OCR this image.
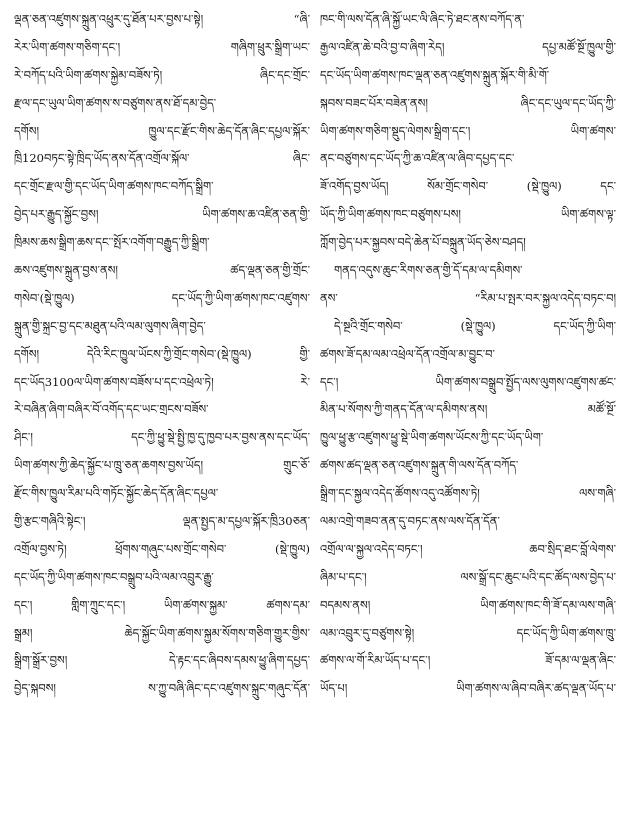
ལྡན་ཅན་འཛུགས་སྐྲུན་འཕྲུར་དུ་ཐོན་པར་བྱས་པ་སྟེ། “ཞི་
རེར་ཡིག་ཚགས་གཅིག་དང་། གཞིག་ཕྲུར་སྒྲིག་ཡང་
རེ་བཀོད་པའི་ཡིག་ཚགས་སྐྱེམ་བཟོས་ཏེ། ཞིང་དང་གྲོང་
རྫལ་དང་ཡུལ་ཡིག་ཚགས་ས་བཙུགས་ནས་ཐོ་དམ་བྱེད་
དགོས། ཁྱུལ་དང་རྫོང་གིས་ཆེད་དོན་ཞིང་དཔྱལ་སྐོར་
ཁྲི120བཏང་སྟེ་ཁྲིད་ཡོད་ནས་དོན་འགྲོལ་སྐོལ་ ཞིང་
དང་གྲོང་རྫལ་གྱི་དང་ཡོད་ཡིག་ཚགས་ཁང་བཀོད་སྒྲིག་
བྱེད་པར་རྒྱུད་སྐྱོང་བྱས། ཡིག་ཚགས་ཆ་འཛིན་ཅན་གྱི་
ཁྲིམས་ཆས་སྒྲིག་ཆས་དང་་སྤོར་འགོག་བརྒྱུད་ཀྱི་སྒྲིག་
ཆས་འཛུགས་སྐྲུན་བྱས་ནས། ཚད་ལྡན་ཅན་གྱི་གྲོང་
གསེབ་(སྡེ་ཁྱུལ) དང་ཡོད་ཀྱི་ཡིག་ཚགས་ཁང་འཛུགས་
སྐྲུན་གྱི་སྐྲང་བྱ་དང་མཐུན་པའི་ལམ་ལུགས་ཞིག་བྱེད་
དགོས། དེའི་རིང་ཁྱུལ་ཡོངས་ཀྱི་གྲོང་གསེབ་(སྡེ་ཁྱུལ) གྱི་
དང་ཡོད3100ལ་ཡིག་ཚགས་བཟོས་པ་དང་འཕྲེལ་ཏེ། རེ་
རེ་བཞིན་ཞིག་བཞིར་བོ་འགོད་དང་ཡང་གྲངས་བཟོས་
ཤིང་། དང་ཀྱི་ཕྱུ་སྡེ་སྤྱི་ཁྱ་དུ་ཁྱབ་པར་བྱས་ནས་དང་ཡོད་
ཡིག་ཚགས་ཀྱི་ཆེད་སྐྱོང་པ་ཁྲུ་ཅན་ཆགས་བྱས་ཡོད། གྲུང་ཅོ་
རྫོང་གིས་ཁྱུལ་རིམ་པའི་གཏོང་སྐྱོང་ཆེད་དོན་ཞིང་དཔྱལ་
གྱི་རྩང་གཞིའི་སྟེང་། ལྡན་སྤྱད་མ་དཔྱལ་སྐོར་ཁྲི30ཅན་
འགྲོལ་བྱས་ཏེ། ཕྲོགས་གཞུང་པས་གྲོང་གསེབ་ (སྡེ་ཁྱུལ)
དང་ཡོད་ཀྱི་ཡིག་ཚགས་ཁང་བསྒྲུབ་པའི་ལམ་འབྲུར་རྒྱུ་
དང་། གླིག་ཀྲུང་དང་། ཡིག་ཚགས་སྐྱམ་ ཚགས་དམ་
སྒྲམ། ཆེད་སྐྱོང་ཡིག་ཚགས་སྐྱམ་སོགས་གཅིག་གྱུར་གྱིས་
སྒྲིག་སྒྲོར་བྱས། དེ་རྟང་དང་ཞིབས་དམས་ཕྱུ་ཞིག་དཔྱད་
བྱེད་སྐབས། ས་ཀྱུ་བཞི་ཞིང་དང་འཛུགས་སྐྲུང་གཞུང་དོན་
ཁང་གི་ལས་དོན་ཞི་སྐྱོ་ཡང་ལི་ཞིང་ཏེ་ཐང་ནས་བཀོད་ན་
རྒྱལ་འཛིན་ཆེ་བའི་བྱ་བ་ཞིག་རེད། དཔྱ་མཚོ་སྔོ་ཁྱུལ་གྱི་
དང་ཡོད་ཡིག་ཚགས་ཁང་ལྡན་ཅན་འཛུགས་སྐྲུན་སྐོར་གི་མི་གོ་
སྐབས་བཟང་པོར་བཟེན་ནས། ཞིང་དང་ཡུལ་དང་ཡོད་ཀྱི་
ཡིག་ཚགས་གཅིག་སྡུད་ལེགས་སྒྲིག་དང་། ཡིག་ཚགས་
ནང་བཙུགས་དང་ཡོད་ཀྱི་ཆ་འཛིན་ལ་ཞིབ་དཔྱད་དང་
ཟོ་འགོད་བྱས་ཡོད། སོམ་གྲོང་གསེབ་ (སྡེ་ཁྱུལ) དང་
ཡོད་ཀྱི་ཡིག་ཚགས་ཁང་བཙུགས་པས། ཡིག་ཚགས་ལྟ་
ཀློག་བྱེད་པར་སྐྱབས་བདེ་ཆེན་པོ་བསྐྲུན་ཡོད་ཅེས་བཤད།
གནད་འདུས་ཆུང་རིགས་ཅན་གྱི་དོ་དམ་ལ་དམིགས་
ནས་ “རིམ་པ་སྤར་བར་སྐྱལ་འདེད་བཏང་བ།
དེ་སྔའི་གྲོང་གསེབ་ (སྡེ་ཁྱུལ) དང་ཡོད་ཀྱི་ཡིག་
ཚགས་ཟོ་དམ་ལམ་འཕྲེལ་དོན་འགྲོལ་མ་བྱུང་བ་
དང་། ཡིག་ཚགས་བསྒྲུབ་སྤྱོད་ལས་ལུགས་འཛུགས་ཚང་
མིན་པ་སོགས་ཀྱི་གནད་དོན་ལ་དམིགས་ནས། མཚོ་སྔོ་
ཁྱུལ་ཕྱུ་རྩ་འཛུགས་ཕྱུ་སྡེ་ཡིག་ཚགས་ཡོངས་ཀྱི་དང་ཡོད་ཡིག་
ཚགས་ཚད་ལྡན་ཅན་འཛུགས་སྐྲུན་གི་ལས་དོན་བཀོད་
སྒྲིག་དང་སྐྱལ་འདེད་ཚོགས་འདུ་འཚོགས་ཏེ། ལས་གཞི་
ལམ་འགྲེ་གཟབ་ནན་དུ་བཏང་ནས་ལས་དོན་དོན་
འགྲོལ་ལ་སྐྱལ་འདེད་བཏང་། ཆབ་སྲིད་ཐང་བློ་ལེགས་
ཞིམ་པ་དང་། ལས་སྒྲོ་དང་ཆུང་པའི་དང་ཚོད་ལས་བྱེད་པ་
བདམས་ནས། ཡིག་ཚགས་ཁང་གི་ཟོ་དམ་ལས་གཞི་
ལམ་འབྲུར་དུ་བཙུགས་སྟེ། དང་ཡོད་ཀྱི་ཡིག་ཚགས་ཁྲུ་
ཚགས་ལ་གོ་རིམ་ཡོད་པ་དང་། ཟོ་དམ་ལ་ལྡན་ཞིང་
ཡོད་པ། ཡིག་ཚགས་ལ་ཞིབ་བཞིར་ཚད་ལྡན་ཡོད་པ་
